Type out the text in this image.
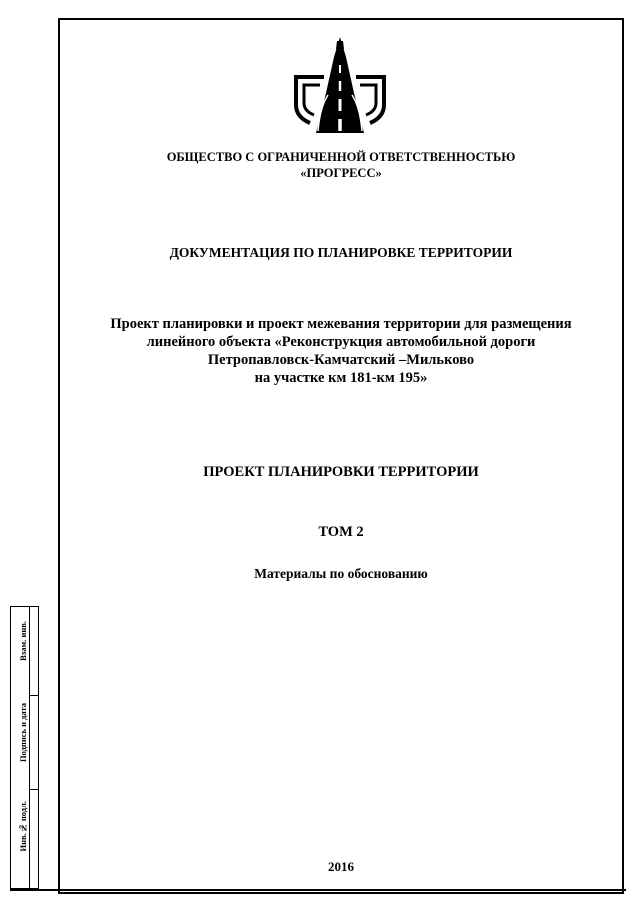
ОБЩЕСТВО С ОГРАНИЧЕННОЙ ОТВЕТСТВЕННОСТЬЮ
«ПРОГРЕСС»
ДОКУМЕНТАЦИЯ ПО ПЛАНИРОВКЕ ТЕРРИТОРИИ
Проект планировки и проект межевания территории для размещения
линейного объекта «Реконструкция автомобильной дороги
Петропавловск-Камчатский –Мильково
на участке км 181-км 195»
ПРОЕКТ ПЛАНИРОВКИ ТЕРРИТОРИИ
ТОМ 2
Материалы по обоснованию
2016
Взам. инв.
Подпись и дата
Инв.№ подл.
